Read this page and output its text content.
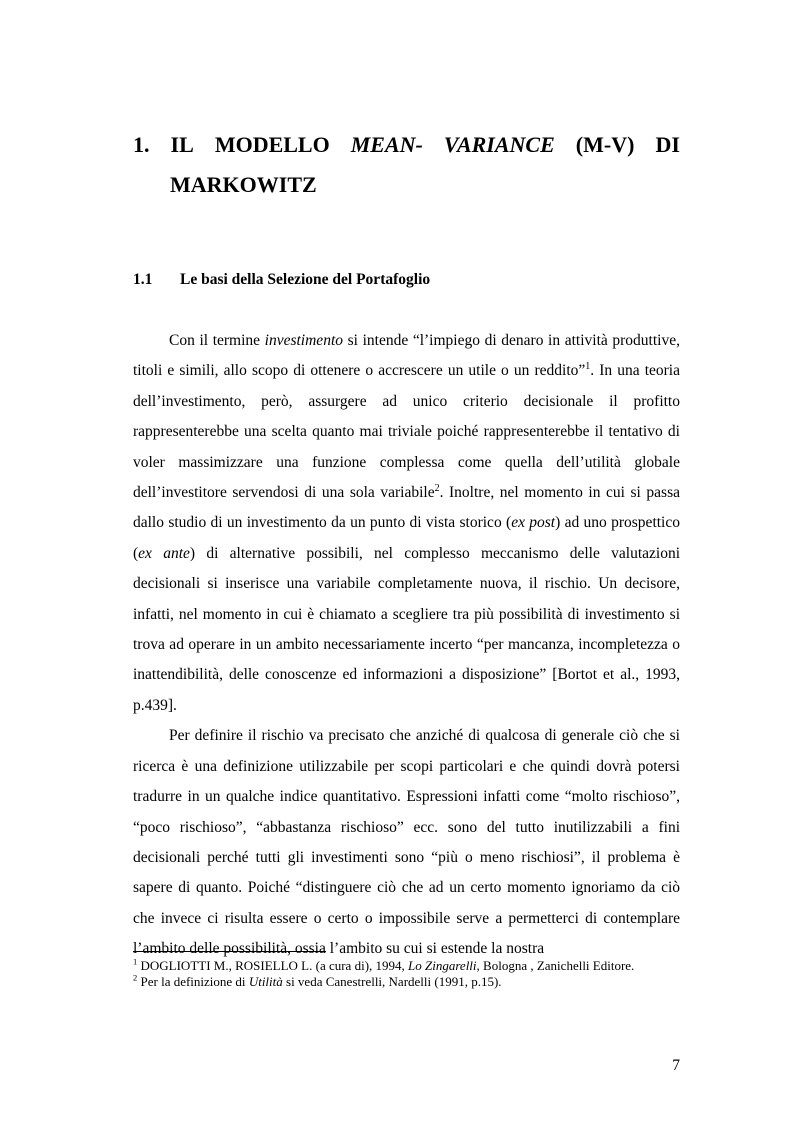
1. IL MODELLO MEAN- VARIANCE (M-V) DI
MARKOWITZ
1.1 Le basi della Selezione del Portafoglio

Con il termine investimento si intende “l’impiego di denaro in attività produttive, titoli e simili, allo scopo di ottenere o accrescere un utile o un reddito”$^1$. In una teoria dell’investimento, però, assurgere ad unico criterio decisionale il profitto rappresenterebbe una scelta quanto mai triviale poiché rappresenterebbe il tentativo di voler massimizzare una funzione complessa come quella dell’utilità globale dell’investitore servendosi di una sola variabile$^2$. Inoltre, nel momento in cui si passa dallo studio di un investimento da un punto di vista storico (ex post) ad uno prospettico (ex ante) di alternative possibili, nel complesso meccanismo delle valutazioni decisionali si inserisce una variabile completamente nuova, il rischio. Un decisore, infatti, nel momento in cui è chiamato a scegliere tra più possibilità di investimento si trova ad operare in un ambito necessariamente incerto “per mancanza, incompletezza o inattendibilità, delle conoscenze ed informazioni a disposizione” [Bortot et al., 1993, p.439].

Per definire il rischio va precisato che anziché di qualcosa di generale ciò che si ricerca è una definizione utilizzabile per scopi particolari e che quindi dovrà potersi tradurre in un qualche indice quantitativo. Espressioni infatti come “molto rischioso”, “poco rischioso”, “abbastanza rischioso” ecc. sono del tutto inutilizzabili a fini decisionali perché tutti gli investimenti sono “più o meno rischiosi”, il problema è sapere di quanto. Poiché “distinguere ciò che ad un certo momento ignoriamo da ciò che invece ci risulta essere o certo o impossibile serve a permetterci di contemplare l’ambito delle possibilità, ossia l’ambito su cui si estende la nostra

$^1$ DOGLIOTTI M., ROSIELLO L. (a cura di), 1994, Lo Zingarelli, Bologna , Zanichelli Editore.
$^2$ Per la definizione di Utilità si veda Canestrelli, Nardelli (1991, p.15).
7
